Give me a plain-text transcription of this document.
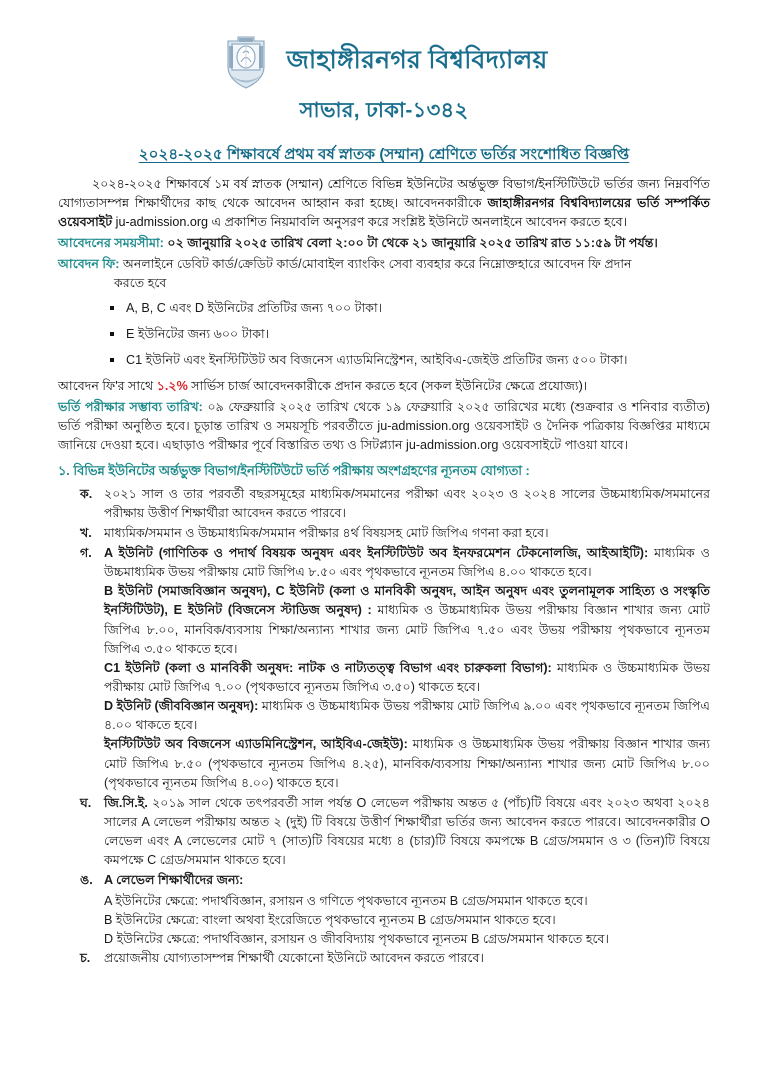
জাহাঙ্গীরনগর বিশ্ববিদ্যালয়
সাভার, ঢাকা-১৩৪২
২০২৪-২০২৫ শিক্ষাবর্ষে প্রথম বর্ষ স্নাতক (সম্মান) শ্রেণিতে ভর্তির সংশোধিত বিজ্ঞপ্তি

২০২৪-২০২৫ শিক্ষাবর্ষে ১ম বর্ষ স্নাতক (সম্মান) শ্রেণিতে বিভিন্ন ইউনিটের অর্ন্তভুক্ত বিভাগ/ইনস্টিটিউটে ভর্তির জন্য নিম্নবর্ণিত যোগ্যতাসম্পন্ন শিক্ষার্থীদের কাছ থেকে আবেদন আহ্বান করা হচ্ছে। আবেদনকারীকে জাহাঙ্গীরনগর বিশ্ববিদ্যালয়ের ভর্তি সম্পর্কিত ওয়েবসাইট ju-admission.org ‌এ প্রকাশিত নিয়মাবলি অনুসরণ করে সংশ্লিষ্ট ইউনিটে অনলাইনে আবেদন করতে হবে।

আবেদনের সময়সীমা: ০২ জানুয়ারি ২০২৫ তারিখ বেলা ২:০০ টা থেকে ২১ জানুয়ারি ২০২৫ তারিখ রাত ১১:৫৯ টা পর্যন্ত।

আবেদন ফি: অনলাইনে ডেবিট কার্ড/ক্রেডিট কার্ড/মোবাইল ব্যাংকিং সেবা ব্যবহার করে নিম্নোক্তহারে আবেদন ফি প্রদান
করতে হবে

A, B, C এবং D ইউনিটের প্রতিটির জন্য ৭০০ টাকা।
E ইউনিটের জন্য ৬০০ টাকা।
C1 ইউনিট এবং ইনস্টিটিউট অব বিজনেস এ্যাডমিনিস্ট্রেশন, আইবিএ-জেইউ প্রতিটির জন্য ৫০০ টাকা।

আবেদন ফি'র সাথে ১.২% সার্ভিস চার্জ আবেদনকারীকে প্রদান করতে হবে (সকল ইউনিটের ক্ষেত্রে প্রযোজ্য)।

ভর্তি পরীক্ষার সম্ভাব্য তারিখ: ০৯ ফেব্রুয়ারি ২০২৫ তারিখ থেকে ১৯ ফেব্রুয়ারি ২০২৫ তারিখের মধ্যে (শুক্রবার ও শনিবার ব্যতীত) ভর্তি পরীক্ষা অনুষ্ঠিত হবে। চূড়ান্ত তারিখ ও সময়সূচি পরবর্তীতে ju-admission.org ওয়েবসাইট ও দৈনিক পত্রিকায় বিজ্ঞপ্তির মাধ্যমে জানিয়ে দেওয়া হবে। এছাড়াও পরীক্ষার পূর্বে বিস্তারিত তথ্য ও সিটপ্ল্যান ju-admission.org ওয়েবসাইটে পাওয়া যাবে।

১. বিভিন্ন ইউনিটের অর্ন্তভুক্ত বিভাগ/ইনস্টিটিউটে ভর্তি পরীক্ষায় অংশগ্রহণের ন্যূনতম যোগ্যতা :
ক. ২০২১ সাল ও তার পরবর্তী বছরসমূহের মাধ্যমিক/সমমানের পরীক্ষা এবং ২০২৩ ও ২০২৪ সালের উচ্চমাধ্যমিক/সমমানের পরীক্ষায় উত্তীর্ণ শিক্ষার্থীরা আবেদন করতে পারবে।
খ. মাধ্যমিক/সমমান ও উচ্চমাধ্যমিক/সমমান পরীক্ষার ৪র্থ বিষয়সহ মোট জিপিএ গণনা করা হবে।
গ. A ইউনিট (গাণিতিক ও পদার্থ বিষয়ক অনুষদ এবং ইনস্টিটিউট অব ইনফরমেশন টেকনোলজি, আইআইটি): মাধ্যমিক ও উচ্চমাধ্যমিক উভয় পরীক্ষায় মোট জিপিএ ৮.৫০ এবং পৃথকভাবে ন্যূনতম জিপিএ ৪.০০ থাকতে হবে।

B ইউনিট (সমাজবিজ্ঞান অনুষদ), C ইউনিট (কলা ও মানবিকী অনুষদ, আইন অনুষদ এবং তুলনামূলক সাহিত্য ও সংস্কৃতি ইনস্টিটিউট), E ইউনিট (বিজনেস স্টাডিজ অনুষদ) : মাধ্যমিক ও উচ্চমাধ্যমিক উভয় পরীক্ষায় বিজ্ঞান শাখার জন্য মোট জিপিএ ৮.০০, মানবিক/ব্যবসায় শিক্ষা/অন্যান্য শাখার জন্য মোট জিপিএ ৭.৫০ এবং উভয় পরীক্ষায় পৃথকভাবে ন্যূনতম জিপিএ ৩.৫০ থাকতে হবে।

C1 ইউনিট (কলা ও মানবিকী অনুষদ: নাটক ও নাট্যতত্ত্ব বিভাগ এবং চারুকলা বিভাগ): মাধ্যমিক ও উচ্চমাধ্যমিক উভয় পরীক্ষায় মোট জিপিএ ৭.০০ (পৃথকভাবে ন্যূনতম জিপিএ ৩.৫০) থাকতে হবে।

D ইউনিট (জীববিজ্ঞান অনুষদ): মাধ্যমিক ও উচ্চমাধ্যমিক উভয় পরীক্ষায় মোট জিপিএ ৯.০০ এবং পৃথকভাবে ন্যূনতম জিপিএ ৪.০০ থাকতে হবে।

ইনস্টিটিউট অব বিজনেস এ্যাডমিনিস্ট্রেশন, আইবিএ-জেইউ): মাধ্যমিক ও উচ্চমাধ্যমিক উভয় পরীক্ষায় বিজ্ঞান শাখার জন্য মোট জিপিএ ৮.৫০ (পৃথকভাবে ন্যূনতম জিপিএ ৪.২৫), মানবিক/ব্যবসায় শিক্ষা/অন্যান্য শাখার জন্য মোট জিপিএ ৮.০০ (পৃথকভাবে ন্যূনতম জিপিএ ৪.০০) থাকতে হবে।

ঘ.	জি.সি.ই. ২০১৯ সাল থেকে তৎপরবর্তী সাল পর্যন্ত O লেভেল পরীক্ষায় অন্তত ৫ (পাঁচ)টি বিষয়ে এবং ২০২৩ অথবা ২০২৪ সালের A লেভেল পরীক্ষায় অন্তত ২ (দুই) টি বিষয়ে উত্তীর্ণ শিক্ষার্থীরা ভর্তির জন্য আবেদন করতে পারবে। আবেদনকারীর O লেভেল এবং A লেভেলের মোট ৭ (সাত)টি বিষয়ের মধ্যে ৪ (চার)টি বিষয়ে কমপক্ষে B গ্রেড/সমমান ও ৩ (তিন)টি বিষয়ে কমপক্ষে C গ্রেড/সমমান থাকতে হবে।
ঙ. A লেভেল শিক্ষার্থীদের জন্য:

A ইউনিটের ক্ষেত্রে: পদার্থবিজ্ঞান, রসায়ন ও গণিতে পৃথকভাবে ন্যূনতম B গ্রেড/সমমান থাকতে হবে।

B ইউনিটের ক্ষেত্রে: বাংলা অথবা ইংরেজিতে পৃথকভাবে ন্যূনতম B গ্রেড/সমমান থাকতে হবে।

D ইউনিটের ক্ষেত্রে: পদার্থবিজ্ঞান, রসায়ন ও জীববিদ্যায় পৃথকভাবে ন্যূনতম B গ্রেড/সমমান থাকতে হবে।

চ.	প্রয়োজনীয় যোগ্যতাসম্পন্ন শিক্ষার্থী যেকোনো ইউনিটে আবেদন করতে পারবে।
